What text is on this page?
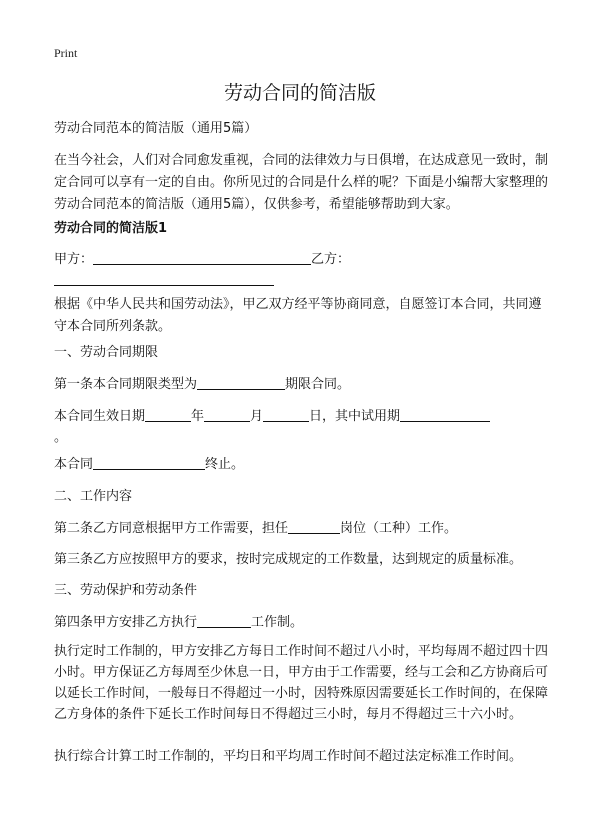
Print
劳动合同的简洁版

劳动合同范本的简洁版（通用5篇）

在当今社会，人们对合同愈发重视，合同的法律效力与日俱增，在达成意见一致时，制定合同可以享有一定的自由。你所见过的合同是什么样的呢？下面是小编帮大家整理的劳动合同范本的简洁版（通用5篇），仅供参考，希望能够帮助到大家。

劳动合同的简洁版1

甲方：	乙方：

根据《中华人民共和国劳动法》，甲乙双方经平等协商同意，自愿签订本合同，共同遵守本合同所列条款。

一、劳动合同期限

第一条本合同期限类型为	期限合同。

本合同生效日期	年	月	日，其中试用期

。

本合同	终止。

二、工作内容

第二条乙方同意根据甲方工作需要，担任	岗位（工种）工作。

第三条乙方应按照甲方的要求，按时完成规定的工作数量，达到规定的质量标准。

三、劳动保护和劳动条件

第四条甲方安排乙方执行	工作制。

执行定时工作制的，甲方安排乙方每日工作时间不超过八小时，平均每周不超过四十四小时。甲方保证乙方每周至少休息一日，甲方由于工作需要，经与工会和乙方协商后可以延长工作时间，一般每日不得超过一小时，因特殊原因需要延长工作时间的，在保障乙方身体的条件下延长工作时间每日不得超过三小时，每月不得超过三十六小时。

执行综合计算工时工作制的，平均日和平均周工作时间不超过法定标准工作时间。
